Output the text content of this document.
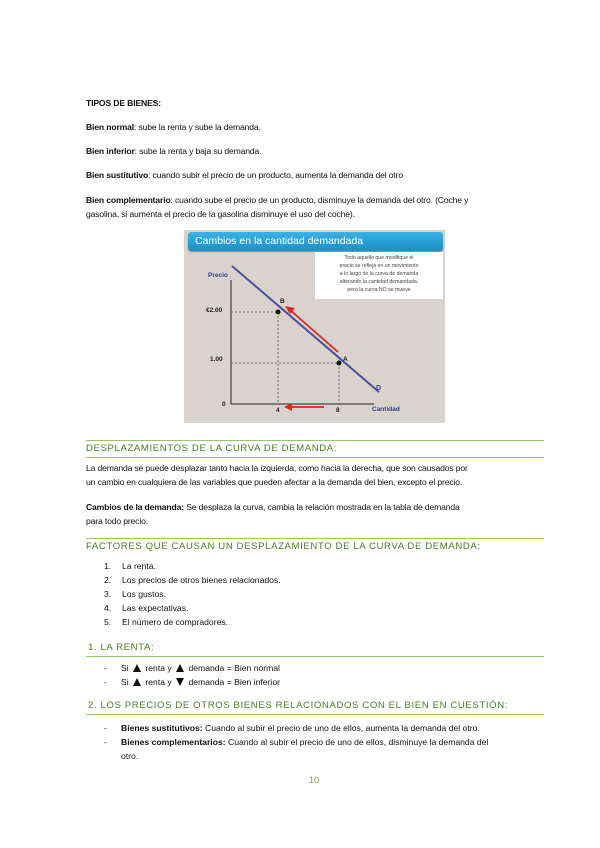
TIPOS DE BIENES:
Bien normal: sube la renta y sube la demanda.
Bien inferior: sube la renta y baja su demanda.
Bien sustitutivo: cuando subir el precio de un producto, aumenta la demanda del otro
Bien complementario: cuando sube el precio de un producto, disminuye la demanda del otro. (Coche y
gasolina, si aumenta el precio de la gasolina disminuye el uso del coche).
Cambios en la cantidad demandada
Todo aquello que modifique el
precio se refleja en un movimiento
a lo largo de la curva de demanda
alterando la cantidad demandada,
pero la curva NO se mueve
Precio
Cantidad
€2.00
1.00
0
4	8
D
B
A
DESPLAZAMIENTOS DE LA CURVA DE DEMANDA:
La demanda se puede desplazar tanto hacia la izquierda, como hacia la derecha, que son causados por
un cambio en cualquiera de las variables que pueden afectar a la demanda del bien, excepto el precio.
Cambios de la demanda: Se desplaza la curva, cambia la relación mostrada en la tabla de demanda
para todo precio.
FACTORES QUE CAUSAN UN DESPLAZAMIENTO DE LA CURVA DE DEMANDA:
1. La renta.
2. Los precios de otros bienes relacionados.
3. Los gustos.
4. Las expectativas.
5. El número de compradores.
1. LA RENTA:
- Si  renta y  demanda = Bien normal
- Si  renta y  demanda = Bien inferior
2. LOS PRECIOS DE OTROS BIENES RELACIONADOS CON EL BIEN EN CUESTIÓN:
- Bienes sustitutivos: Cuando al subir el precio de uno de ellos, aumenta la demanda del otro.
- Bienes complementarios: Cuando al subir el precio de uno de ellos, disminuye la demanda del
otro.
10
